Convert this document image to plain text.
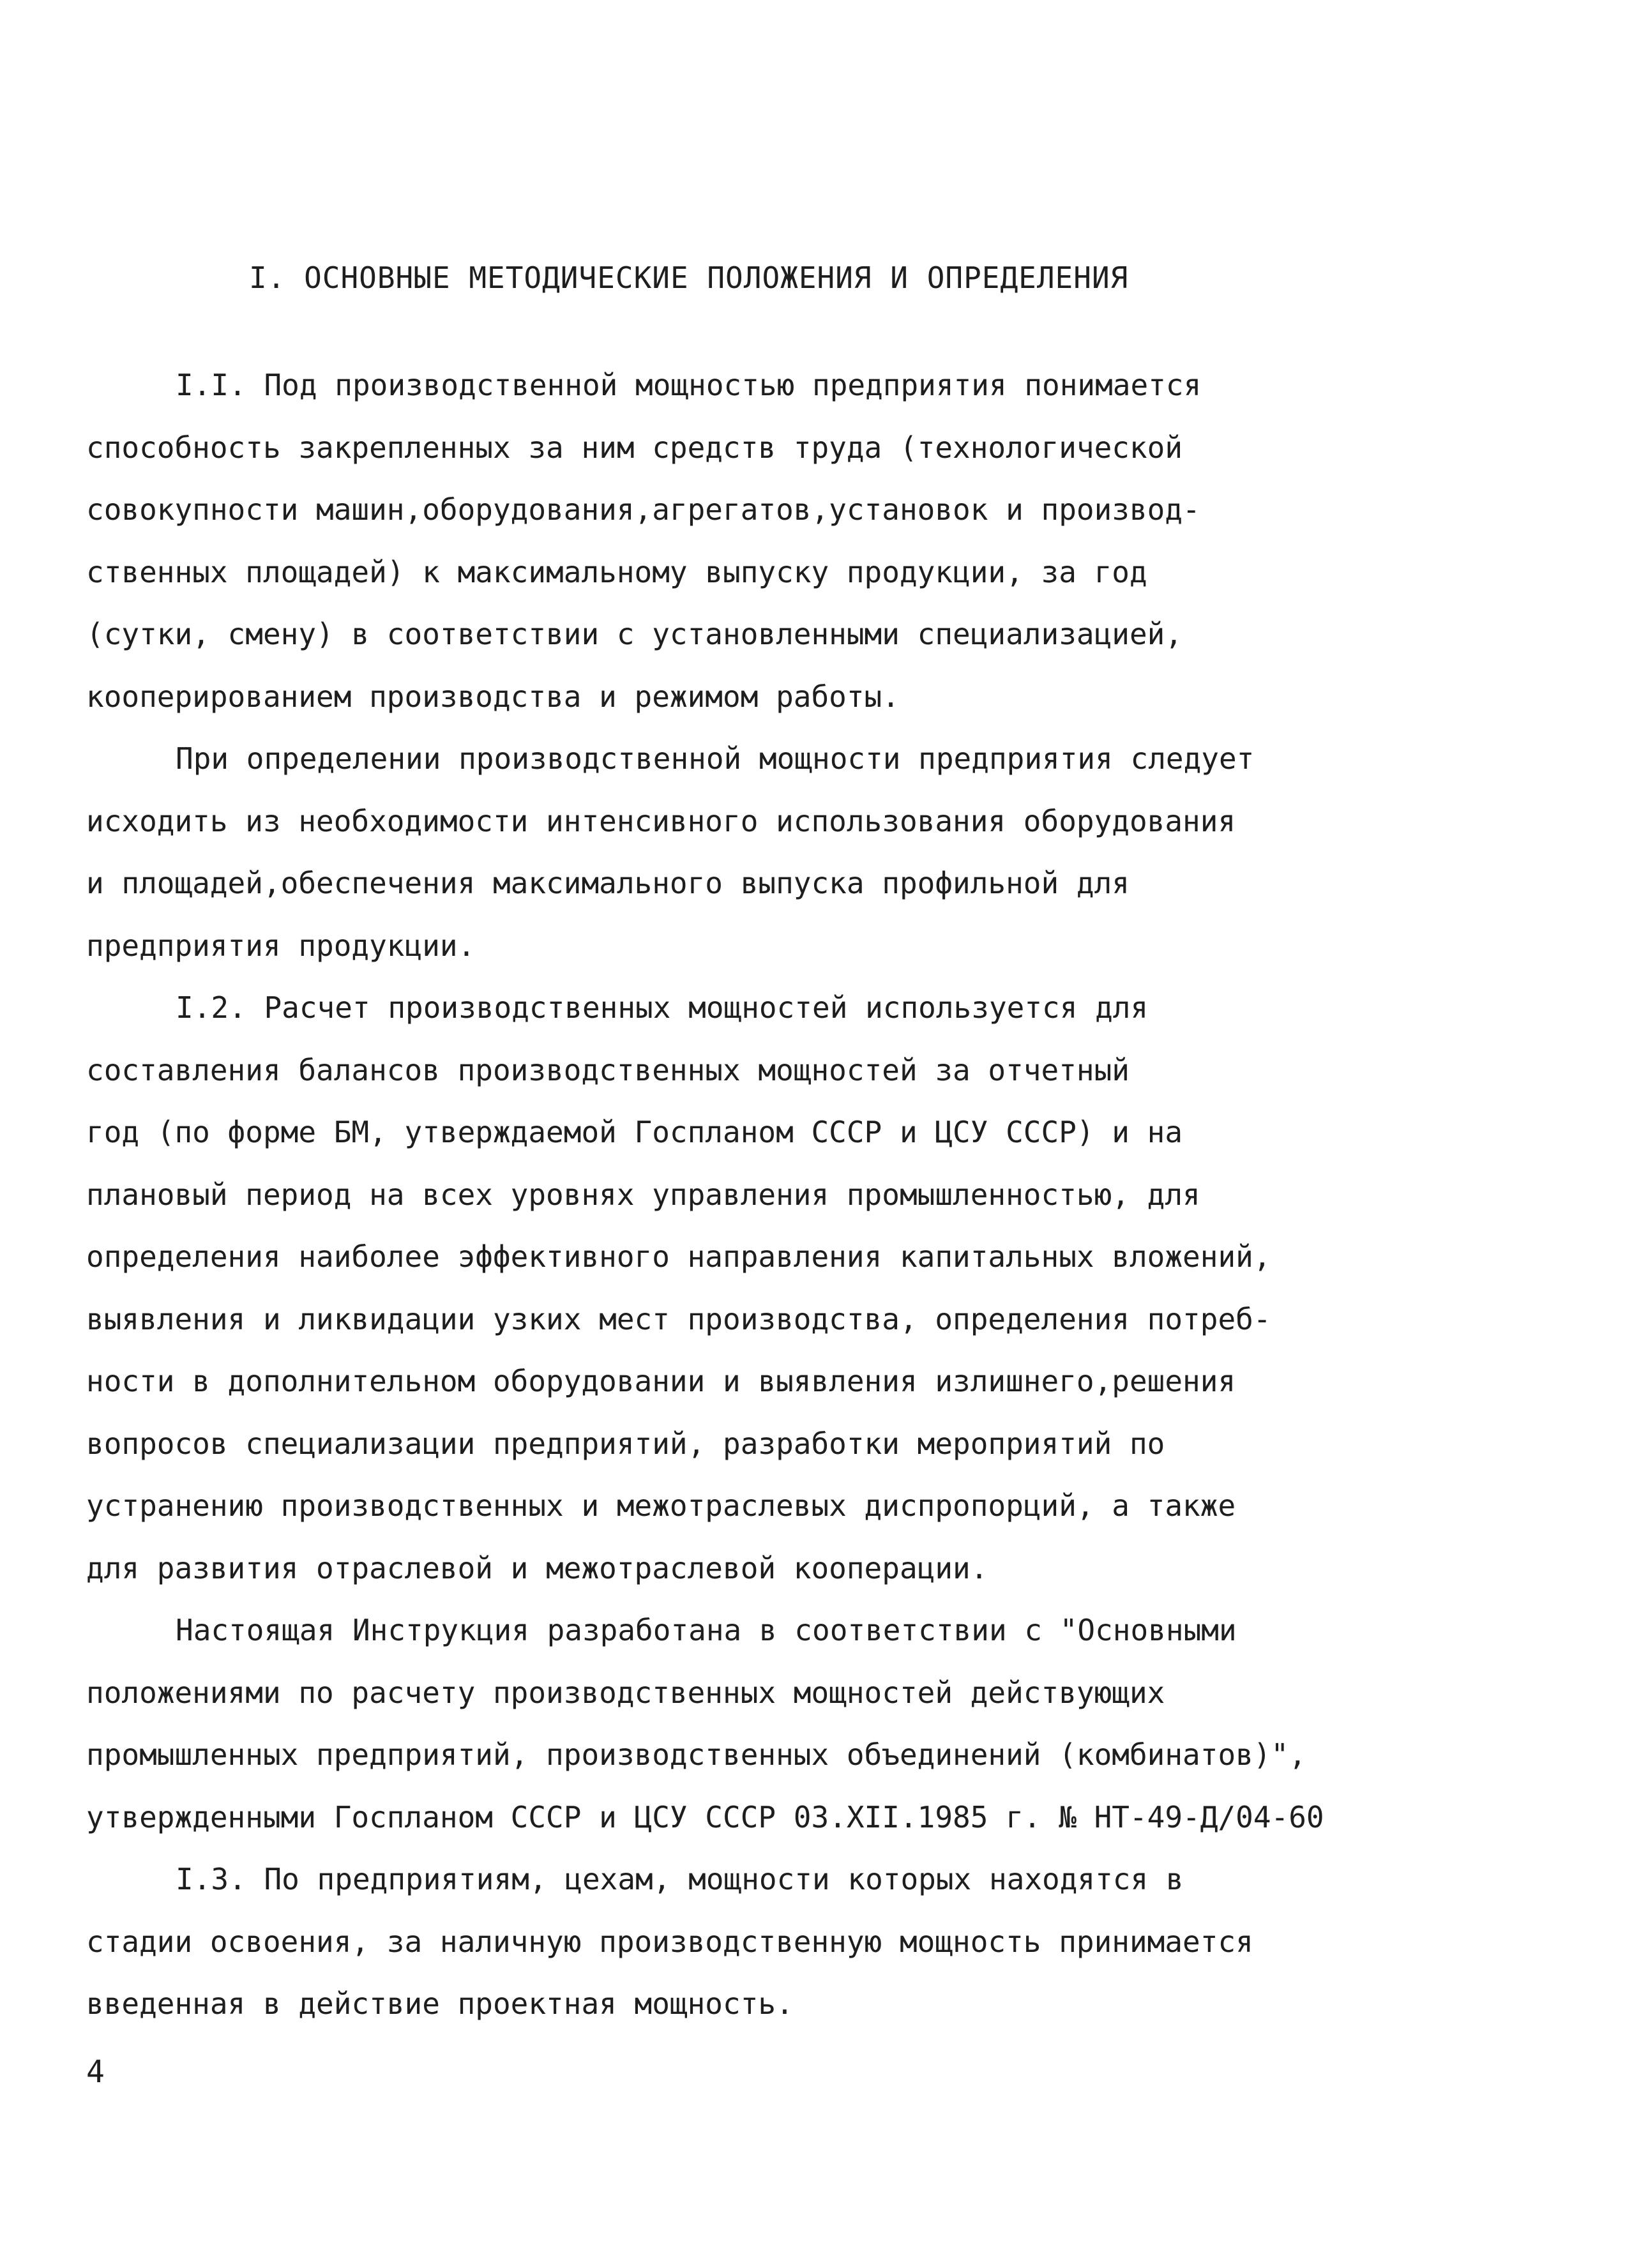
I. ОСНОВНЫЕ МЕТОДИЧЕСКИЕ ПОЛОЖЕНИЯ И ОПРЕДЕЛЕНИЯ
I.I. Под производственной мощностью предприятия понимается
способность закрепленных за ним средств труда (технологической
совокупности машин,оборудования,агрегатов,установок и производ-
ственных площадей) к максимальному выпуску продукции, за год
(сутки, смену) в соответствии с установленными специализацией,
кооперированием производства и режимом работы.
При определении производственной мощности предприятия следует
исходить из необходимости интенсивного использования оборудования
и площадей,обеспечения максимального выпуска профильной для
предприятия продукции.
I.2. Расчет производственных мощностей используется для
составления балансов производственных мощностей за отчетный
год (по форме БМ, утверждаемой Госпланом СССР и ЦСУ СССР) и на
плановый период на всех уровнях управления промышленностью, для
определения наиболее эффективного направления капитальных вложений,
выявления и ликвидации узких мест производства, определения потреб-
ности в дополнительном оборудовании и выявления излишнего,решения
вопросов специализации предприятий, разработки мероприятий по
устранению производственных и межотраслевых диспропорций, а также
для развития отраслевой и межотраслевой кооперации.
Настоящая Инструкция разработана в соответствии с "Основными
положениями по расчету производственных мощностей действующих
промышленных предприятий, производственных объединений (комбинатов)",
утвержденными Госпланом СССР и ЦСУ СССР 03.XII.1985 г. № НТ-49-Д/04-60
I.3. По предприятиям, цехам, мощности которых находятся в
стадии освоения, за наличную производственную мощность принимается
введенная в действие проектная мощность.
4
